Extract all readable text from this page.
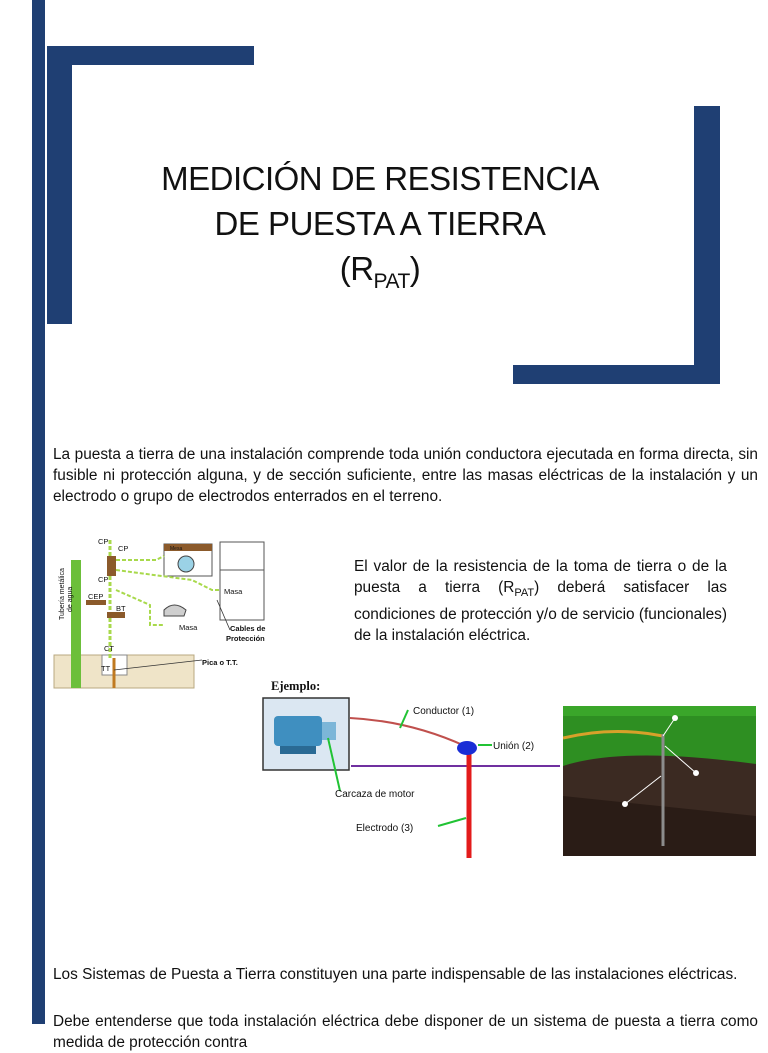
MEDICIÓN DE RESISTENCIA
DE PUESTA A TIERRA
$(R_{PAT})$
La puesta a tierra de una instalación comprende toda unión conductora ejecutada en forma directa, sin fusible ni protección alguna, y de sección suficiente, entre las masas eléctricas de la instalación y un electrodo o grupo de electrodos enterrados en el terreno.
CP
CP
CP
CEP
BT
CT
TT
Masa
Masa
Pica o T.T.
Cables de
Protección
Mesa
Tubería metálica de agua
El valor de la resistencia de la toma de tierra o de la puesta a tierra $(R_{PAT})$ deberá satisfacer las condiciones de protección y/o de servicio (funcionales) de la instalación eléctrica.
Ejemplo:
Conductor (1)
Unión (2)
Carcaza de motor
Electrodo (3)
Los Sistemas de Puesta a Tierra constituyen una parte indispensable de las instalaciones eléctricas.
Debe entenderse que toda instalación eléctrica debe disponer de un sistema de puesta a tierra como medida de protección contra
